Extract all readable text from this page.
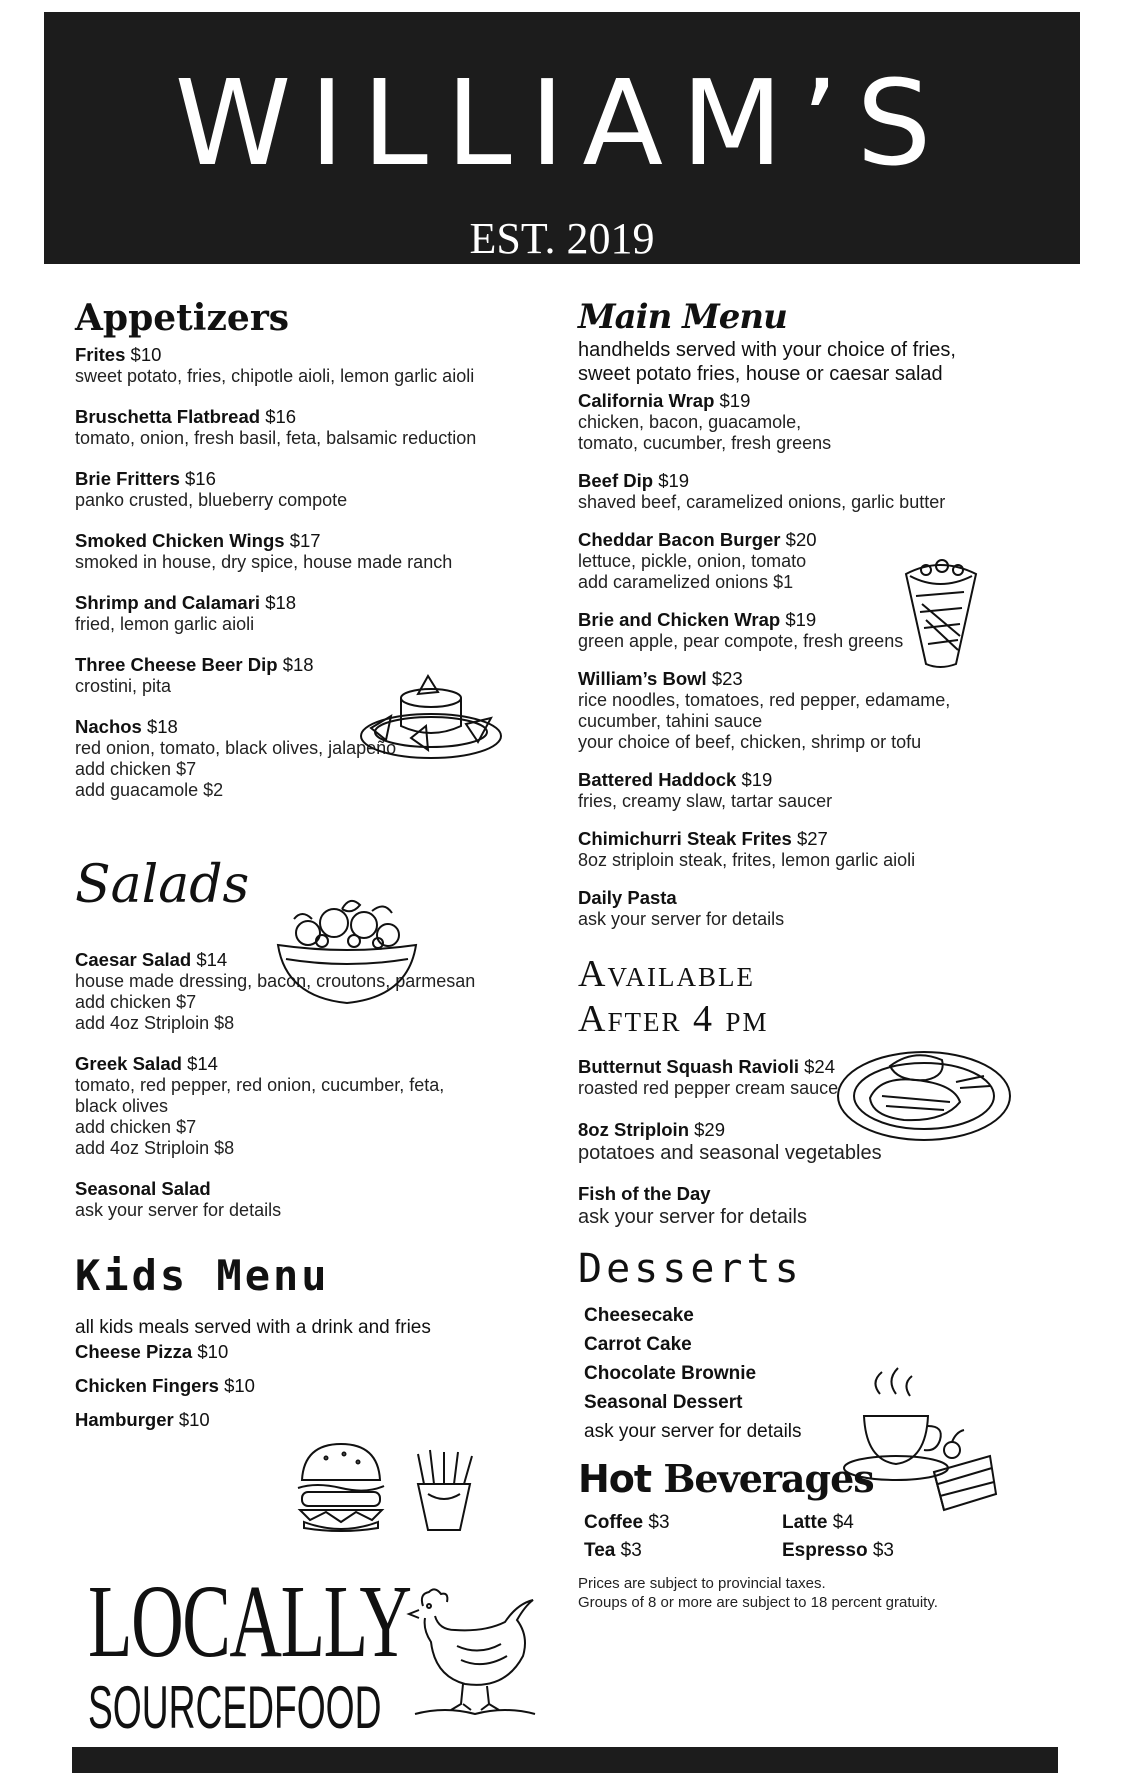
WILLIAM’S
EST. 2019
Appetizers
Frites $10
sweet potato, fries, chipotle aioli, lemon garlic aioli
Bruschetta Flatbread $16
tomato, onion, fresh basil, feta, balsamic reduction
Brie Fritters $16
panko crusted, blueberry compote
Smoked Chicken Wings $17
smoked in house, dry spice, house made ranch
Shrimp and Calamari $18
fried, lemon garlic aioli
Three Cheese Beer Dip $18
crostini, pita
Nachos $18
red onion, tomato, black olives, jalapeño
add chicken $7
add guacamole $2
Salads
Caesar Salad $14
house made dressing, bacon, croutons, parmesan
add chicken $7
add 4oz Striploin $8
Greek Salad $14
tomato, red pepper, red onion, cucumber, feta,
black olives
add chicken $7
add 4oz Striploin $8
Seasonal Salad
ask your server for details
Kids Menu
all kids meals served with a drink and fries
Cheese Pizza $10
Chicken Fingers $10
Hamburger $10
Main Menu
handhelds served with your choice of fries,
sweet potato fries, house or caesar salad
California Wrap $19
chicken, bacon, guacamole,
tomato, cucumber, fresh greens
Beef Dip $19
shaved beef, caramelized onions, garlic butter
Cheddar Bacon Burger $20
lettuce, pickle, onion, tomato
add caramelized onions $1
Brie and Chicken Wrap $19
green apple, pear compote, fresh greens
William’s Bowl $23
rice noodles, tomatoes, red pepper, edamame,
cucumber, tahini sauce
your choice of beef, chicken, shrimp or tofu
Battered Haddock $19
fries, creamy slaw, tartar saucer
Chimichurri Steak Frites $27
8oz striploin steak, frites, lemon garlic aioli
Daily Pasta
ask your server for details
Available
After 4 pm
Butternut Squash Ravioli $24
roasted red pepper cream sauce
8oz Striploin $29
potatoes and seasonal vegetables
Fish of the Day
ask your server for details
Desserts
Cheesecake
Carrot Cake
Chocolate Brownie
Seasonal Dessert
ask your server for details
Hot Beverages
Coffee $3	Latte $4
Tea $3	Espresso $3
Prices are subject to provincial taxes.
Groups of 8 or more are subject to 18 percent gratuity.
LOCALLY
SOURCEDFOOD
